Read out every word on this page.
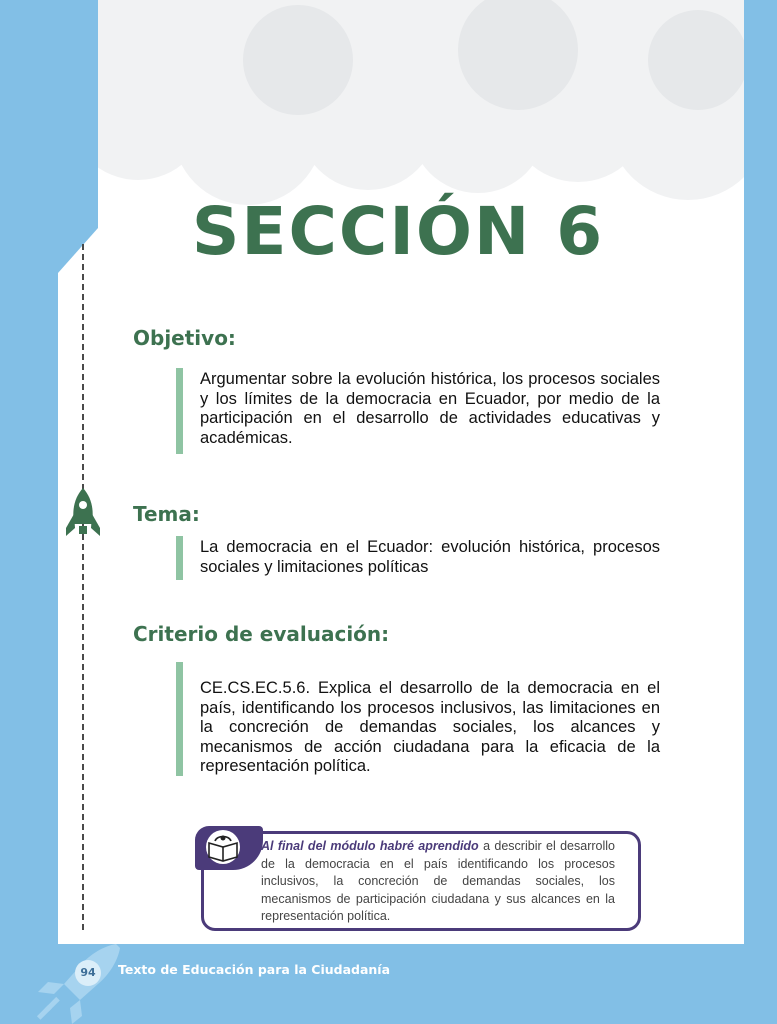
SECCIÓN 6
Objetivo:
Argumentar sobre la evolución histórica, los procesos sociales y los límites de la democracia en Ecuador, por medio de la participación en el desarrollo de actividades educativas y académicas.
Tema:
La democracia en el Ecuador: evolución histórica, procesos sociales y limitaciones políticas
Criterio de evaluación:
CE.CS.EC.5.6. Explica el desarrollo de la democracia en el país, identificando los procesos inclusivos, las limitaciones en la concreción de demandas sociales, los alcances y mecanismos de acción ciudadana para la eficacia de la representación política.
Al final del módulo habré aprendido a describir el desarrollo de la democracia en el país identificando los procesos inclusivos, la concreción de demandas sociales, los mecanismos de participación ciudadana y sus alcances en la representación política.
94	Texto de Educación para la Ciudadanía
